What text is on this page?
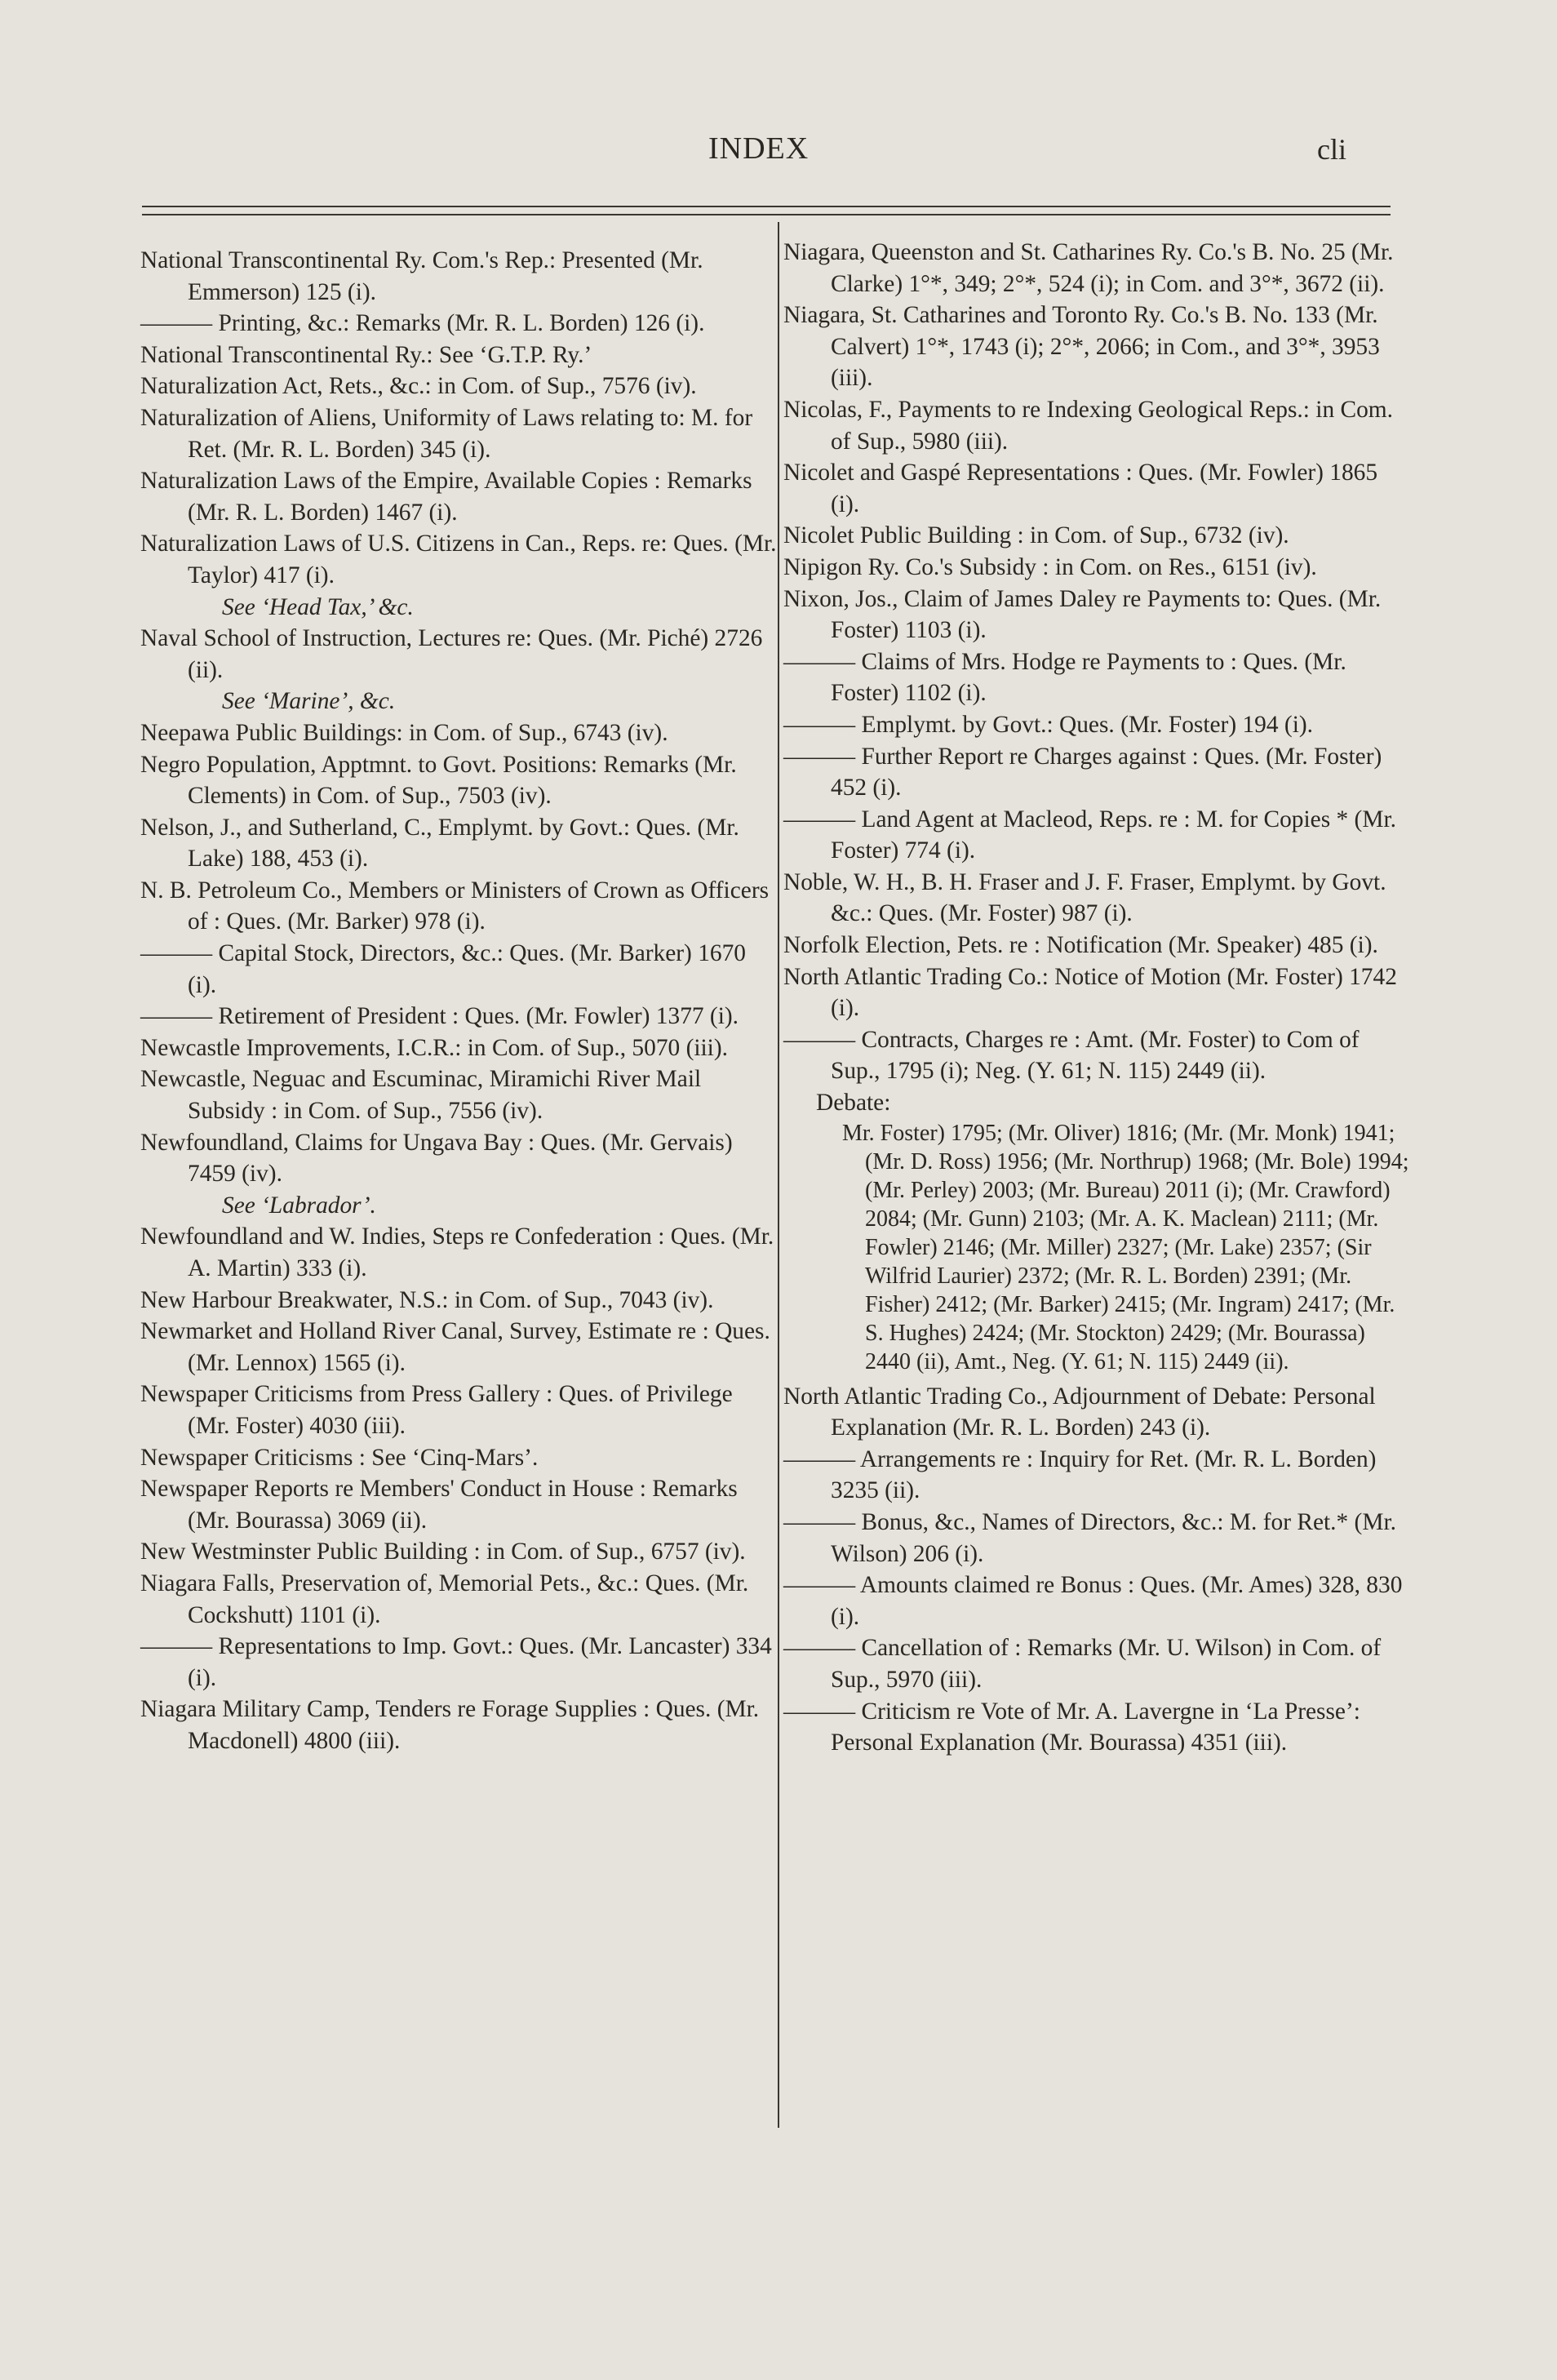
INDEX	cli

National Transcontinental Ry. Com.'s Rep.: Presented (Mr. Emmerson) 125 (i).

——— Printing, &c.: Remarks (Mr. R. L. Borden) 126 (i).

National Transcontinental Ry.: See ‘G.T.P. Ry.’

Naturalization Act, Rets., &c.: in Com. of Sup., 7576 (iv).

Naturalization of Aliens, Uniformity of Laws relating to: M. for Ret. (Mr. R. L. Borden) 345 (i).

Naturalization Laws of the Empire, Available Copies : Remarks (Mr. R. L. Borden) 1467 (i).

Naturalization Laws of U.S. Citizens in Can., Reps. re: Ques. (Mr. Taylor) 417 (i).

See ‘Head Tax,’ &c.

Naval School of Instruction, Lectures re: Ques. (Mr. Piché) 2726 (ii).

See ‘Marine’, &c.

Neepawa Public Buildings: in Com. of Sup., 6743 (iv).

Negro Population, Apptmnt. to Govt. Positions: Remarks (Mr. Clements) in Com. of Sup., 7503 (iv).

Nelson, J., and Sutherland, C., Emplymt. by Govt.: Ques. (Mr. Lake) 188, 453 (i).

N. B. Petroleum Co., Members or Ministers of Crown as Officers of : Ques. (Mr. Barker) 978 (i).

——— Capital Stock, Directors, &c.: Ques. (Mr. Barker) 1670 (i).

——— Retirement of President : Ques. (Mr. Fowler) 1377 (i).

Newcastle Improvements, I.C.R.: in Com. of Sup., 5070 (iii).

Newcastle, Neguac and Escuminac, Miramichi River Mail Subsidy : in Com. of Sup., 7556 (iv).

Newfoundland, Claims for Ungava Bay : Ques. (Mr. Gervais) 7459 (iv).

See ‘Labrador’.

Newfoundland and W. Indies, Steps re Confederation : Ques. (Mr. A. Martin) 333 (i).

New Harbour Breakwater, N.S.: in Com. of Sup., 7043 (iv).

Newmarket and Holland River Canal, Survey, Estimate re : Ques. (Mr. Lennox) 1565 (i).

Newspaper Criticisms from Press Gallery : Ques. of Privilege (Mr. Foster) 4030 (iii).

Newspaper Criticisms : See ‘Cinq-Mars’.

Newspaper Reports re Members' Conduct in House : Remarks (Mr. Bourassa) 3069 (ii).

New Westminster Public Building : in Com. of Sup., 6757 (iv).

Niagara Falls, Preservation of, Memorial Pets., &c.: Ques. (Mr. Cockshutt) 1101 (i).

——— Representations to Imp. Govt.: Ques. (Mr. Lancaster) 334 (i).

Niagara Military Camp, Tenders re Forage Supplies : Ques. (Mr. Macdonell) 4800 (iii).

Niagara, Queenston and St. Catharines Ry. Co.'s B. No. 25 (Mr. Clarke) 1°*, 349; 2°*, 524 (i); in Com. and 3°*, 3672 (ii).

Niagara, St. Catharines and Toronto Ry. Co.'s B. No. 133 (Mr. Calvert) 1°*, 1743 (i); 2°*, 2066; in Com., and 3°*, 3953 (iii).

Nicolas, F., Payments to re Indexing Geological Reps.: in Com. of Sup., 5980 (iii).

Nicolet and Gaspé Representations : Ques. (Mr. Fowler) 1865 (i).

Nicolet Public Building : in Com. of Sup., 6732 (iv).

Nipigon Ry. Co.'s Subsidy : in Com. on Res., 6151 (iv).

Nixon, Jos., Claim of James Daley re Payments to: Ques. (Mr. Foster) 1103 (i).

——— Claims of Mrs. Hodge re Payments to : Ques. (Mr. Foster) 1102 (i).

——— Emplymt. by Govt.: Ques. (Mr. Foster) 194 (i).

——— Further Report re Charges against : Ques. (Mr. Foster) 452 (i).

——— Land Agent at Macleod, Reps. re : M. for Copies * (Mr. Foster) 774 (i).

Noble, W. H., B. H. Fraser and J. F. Fraser, Emplymt. by Govt. &c.: Ques. (Mr. Foster) 987 (i).

Norfolk Election, Pets. re : Notification (Mr. Speaker) 485 (i).

North Atlantic Trading Co.: Notice of Motion (Mr. Foster) 1742 (i).

——— Contracts, Charges re : Amt. (Mr. Foster) to Com of Sup., 1795 (i); Neg. (Y. 61; N. 115) 2449 (ii).

Debate:

Mr. Foster) 1795; (Mr. Oliver) 1816; (Mr. (Mr. Monk) 1941; (Mr. D. Ross) 1956; (Mr. Northrup) 1968; (Mr. Bole) 1994; (Mr. Perley) 2003; (Mr. Bureau) 2011 (i); (Mr. Crawford) 2084; (Mr. Gunn) 2103; (Mr. A. K. Maclean) 2111; (Mr. Fowler) 2146; (Mr. Miller) 2327; (Mr. Lake) 2357; (Sir Wilfrid Laurier) 2372; (Mr. R. L. Borden) 2391; (Mr. Fisher) 2412; (Mr. Barker) 2415; (Mr. Ingram) 2417; (Mr. S. Hughes) 2424; (Mr. Stockton) 2429; (Mr. Bourassa) 2440 (ii), Amt., Neg. (Y. 61; N. 115) 2449 (ii).

North Atlantic Trading Co., Adjournment of Debate: Personal Explanation (Mr. R. L. Borden) 243 (i).

——— Arrangements re : Inquiry for Ret. (Mr. R. L. Borden) 3235 (ii).

——— Bonus, &c., Names of Directors, &c.: M. for Ret.* (Mr. Wilson) 206 (i).

——— Amounts claimed re Bonus : Ques. (Mr. Ames) 328, 830 (i).

——— Cancellation of : Remarks (Mr. U. Wilson) in Com. of Sup., 5970 (iii).

——— Criticism re Vote of Mr. A. Lavergne in ‘La Presse’: Personal Explanation (Mr. Bourassa) 4351 (iii).
